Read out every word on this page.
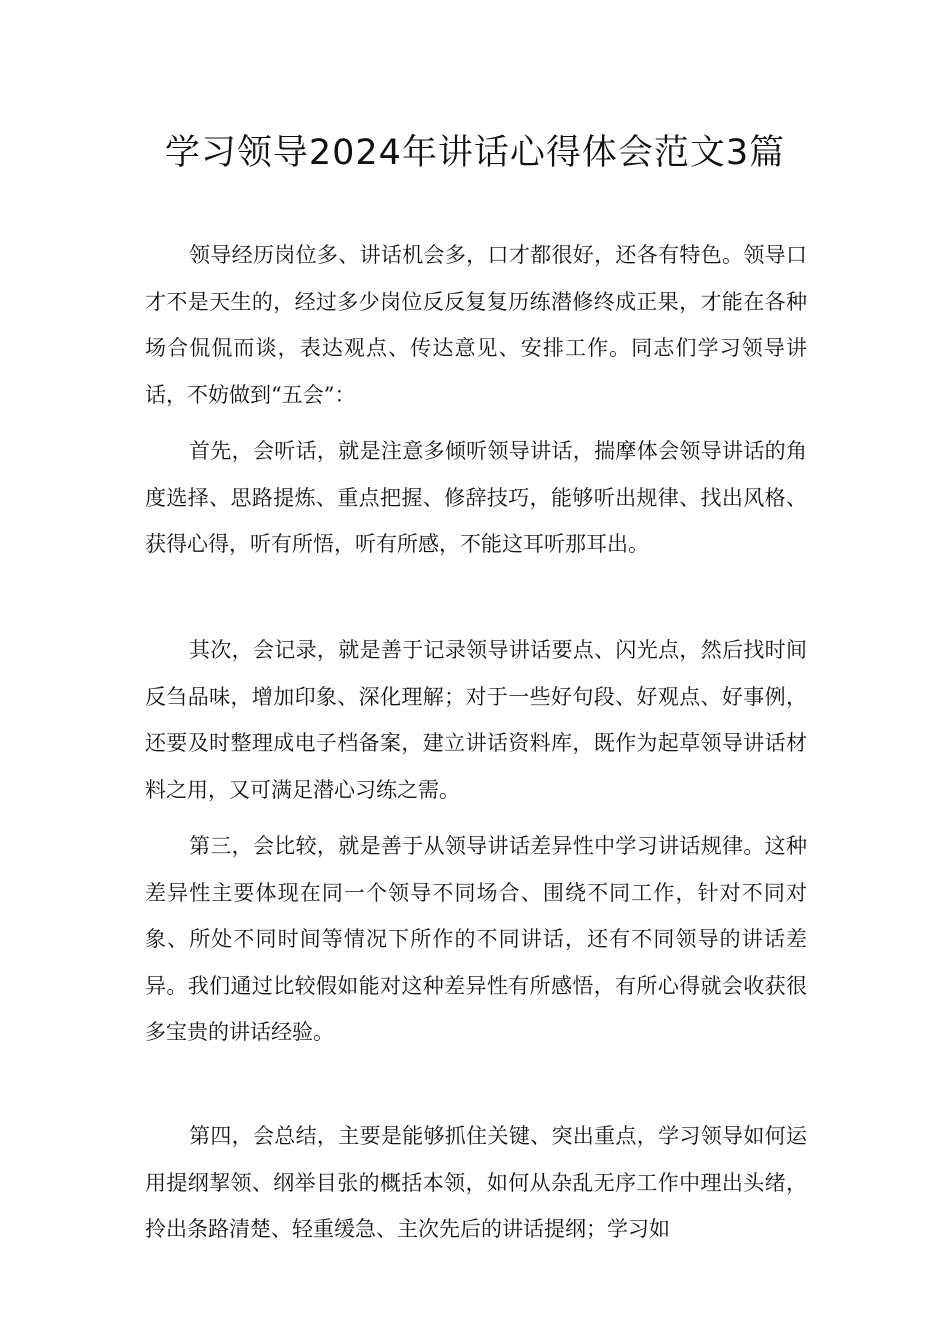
学习领导2024年讲话心得体会范文3篇

领导经历岗位多、讲话机会多，口才都很好，还各有特色。领导口才不是天生的，经过多少岗位反反复复历练潜修终成正果，才能在各种场合侃侃而谈，表达观点、传达意见、安排工作。同志们学习领导讲话，不妨做到“五会”：

首先，会听话，就是注意多倾听领导讲话，揣摩体会领导讲话的角度选择、思路提炼、重点把握、修辞技巧，能够听出规律、找出风格、获得心得，听有所悟，听有所感，不能这耳听那耳出。

其次，会记录，就是善于记录领导讲话要点、闪光点，然后找时间反刍品味，增加印象、深化理解；对于一些好句段、好观点、好事例，还要及时整理成电子档备案，建立讲话资料库，既作为起草领导讲话材料之用，又可满足潜心习练之需。

第三，会比较，就是善于从领导讲话差异性中学习讲话规律。这种差异性主要体现在同一个领导不同场合、围绕不同工作，针对不同对象、所处不同时间等情况下所作的不同讲话，还有不同领导的讲话差异。我们通过比较假如能对这种差异性有所感悟，有所心得就会收获很多宝贵的讲话经验。

第四，会总结，主要是能够抓住关键、突出重点，学习领导如何运用提纲挈领、纲举目张的概括本领，如何从杂乱无序工作中理出头绪，拎出条路清楚、轻重缓急、主次先后的讲话提纲；学习如
